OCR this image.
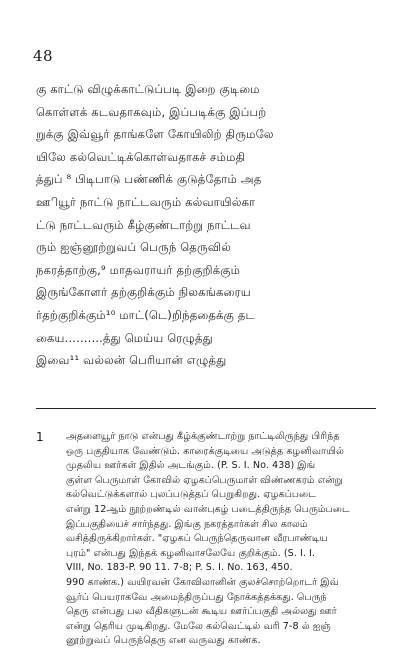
48
கு காட்டு விழுக்காட்டுப்படி இறை குடிமை
கொள்ளக் கடவதாகவும், இப்படிக்கு இப்பற்
றுக்கு இவ்வூர் தாங்களே கோயிலிற் திருமலே
யிலே கல்வெட்டிக்கொள்வதாகச் சம்மதி
த்துப் ⁸ பிடிபாடு பண்ணிக் குடுத்தோம் அத
ஊியூர் நாட்டு நாட்டவரும் கல்வாயில்கா
ட்டு நாட்டவரும் கீழ்குண்டாற்று நாட்டவ
ரும் ஐஞ்னூற்றுவப் பெருந் தெருவில்
நகரத்தாற்கு,⁹ மாதவராயர் தற்குறிக்கும்
இருங்கோளர் தற்குறிக்கும் நிலகங்கரைய
ர்தற்குறிக்கும்¹⁰ மாட்(டெ)றிந்ததைக்கு தட
கைய..........த்து மெய்ய ரெழுத்து
இவை¹¹ வல்லன் பெரியான் எழுத்து
1 அதளையூர் நாடு என்பது கீழ்க்குண்டாற்று நாட்டிலிருந்து பிரிந்த
ஒரு பகுதியாக வேண்டும். காரைக்குடியை அடுத்த கழனிவாயில்
முதலிய ஊர்கள் இதில் அடங்கும். (P. S. I. No. 438) இங்
குள்ள பெருமாள் கோவில் ஏழகப்பெருமாள் விண்ணகரம் என்று
கல்வெட்டுக்களால் புலப்படுத்தப் பெறுகிறது. ஏழகப்படை
என்று 12ஆம் நூற்றண்டில் வான்புகழ் படைத்திருந்த பெரும்படை
இப்பகுதியைச் சார்ந்தது. இங்கு நகரத்தார்கள் சில காலம்
வசித்திருக்கிறார்கள். "ஏழகப் பெருந்தெருவான வீரபாண்டிய
புரம்" என்பது இந்தக் கழனிவாசலேயே குறிக்கும். (S. I. I.
VIII, No. 183-P. 90 11. 7-8; P. S. I. No. 163, 450.
990 காண்க.) வயிரவன் கோவிலானின் குலச்சொற்றொடர் இவ்
வூர்ப் பெயராகவே அமைந்திருப்பது நோக்கத்தக்கது. பெருந்
தெரு என்பது பல வீதிகளுடன் கூடிய ஊர்ப்பகுதி அல்லது ஊர்
என்று தெரிய முடிகிறது. மேலே கல்வெட்டில் வரி 7-8 ல் ஐஞ்
னூற்றுவப் பெருந்தெரு என வருவது காண்க.
